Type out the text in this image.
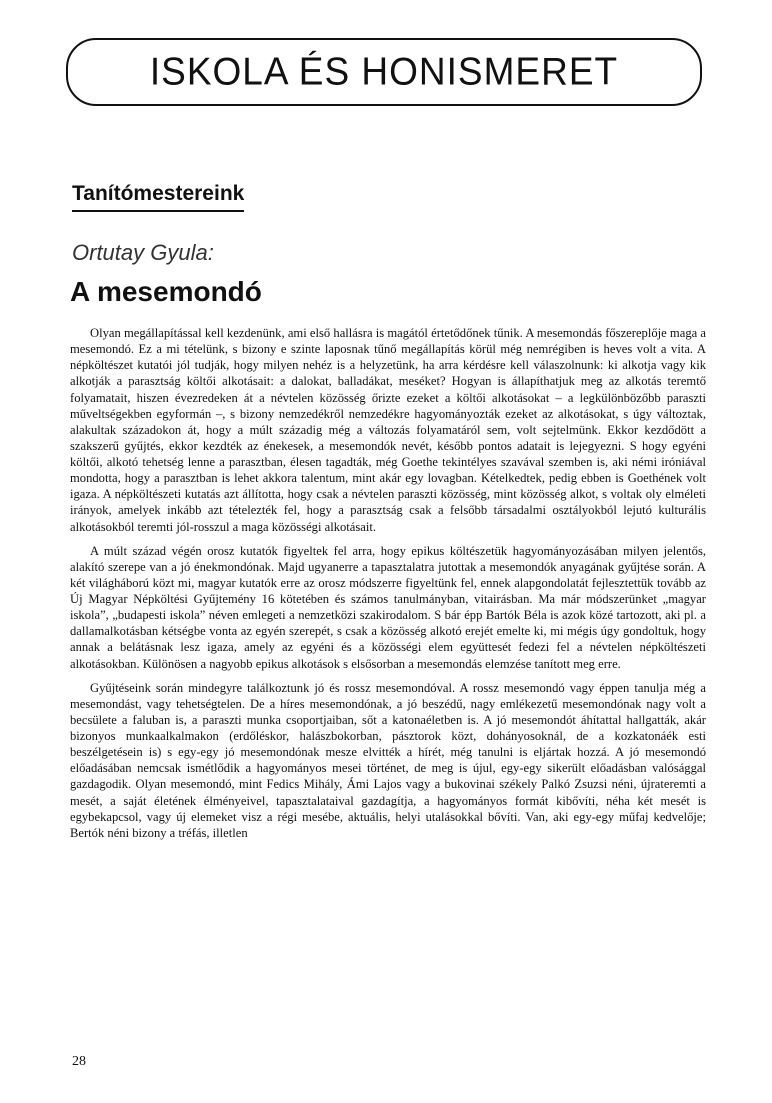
ISKOLA ÉS HONISMERET
Tanítómestereink
Ortutay Gyula:
A mesemondó

Olyan megállapítással kell kezdenünk, ami első hallásra is magától értetődőnek tűnik. A mesemondás főszereplője maga a mesemondó. Ez a mi tételünk, s bizony e szinte laposnak tűnő megállapítás körül még nemrégiben is heves volt a vita. A népköltészet kutatói jól tudják, hogy milyen nehéz is a helyzetünk, ha arra kérdésre kell válaszolnunk: ki alkotja vagy kik alkotják a parasztság költői alkotásait: a dalokat, balladákat, meséket? Hogyan is állapíthatjuk meg az alkotás teremtő folyamatait, hiszen évezredeken át a névtelen közösség őrizte ezeket a költői alkotásokat – a legkülönbözőbb paraszti műveltségekben egyformán –, s bizony nemzedékről nemzedékre hagyományozták ezeket az alkotásokat, s úgy változtak, alakultak századokon át, hogy a múlt századig még a változás folyamatáról sem, volt sejtelmünk. Ekkor kezdődött a szakszerű gyűjtés, ekkor kezdték az énekesek, a mesemondók nevét, később pontos adatait is lejegyezni. S hogy egyéni költői, alkotó tehetség lenne a parasztban, élesen tagadták, még Goethe tekintélyes szavával szemben is, aki némi iróniával mondotta, hogy a parasztban is lehet akkora talentum, mint akár egy lovagban. Kételkedtek, pedig ebben is Goethének volt igaza. A népköltészeti kutatás azt állította, hogy csak a névtelen paraszti közösség, mint közösség alkot, s voltak oly elméleti irányok, amelyek inkább azt tételezték fel, hogy a parasztság csak a felsőbb társadalmi osztályokból lejutó kulturális alkotásokból teremti jól-rosszul a maga közösségi alkotásait.

A múlt század végén orosz kutatók figyeltek fel arra, hogy epikus költészetük hagyományozásában milyen jelentős, alakító szerepe van a jó énekmondónak. Majd ugyanerre a tapasztalatra jutottak a mesemondók anyagának gyűjtése során. A két világháború közt mi, magyar kutatók erre az orosz módszerre figyeltünk fel, ennek alapgondolatát fejlesztettük tovább az Új Magyar Népköltési Gyűjtemény 16 kötetében és számos tanulmányban, vitairásban. Ma már módszerünket „magyar iskola”, „budapesti iskola” néven emlegeti a nemzetközi szakirodalom. S bár épp Bartók Béla is azok közé tartozott, aki pl. a dallamalkotásban kétségbe vonta az egyén szerepét, s csak a közösség alkotó erejét emelte ki, mi mégis úgy gondoltuk, hogy annak a belátásnak lesz igaza, amely az egyéni és a közösségi elem együttesét fedezi fel a névtelen népköltészeti alkotásokban. Különösen a nagyobb epikus alkotások s elsősorban a mesemondás elemzése tanított meg erre.

Gyűjtéseink során mindegyre találkoztunk jó és rossz mesemondóval. A rossz mesemondó vagy éppen tanulja még a mesemondást, vagy tehetségtelen. De a híres mesemondónak, a jó beszédű, nagy emlékezetű mesemondónak nagy volt a becsülete a faluban is, a paraszti munka csoportjaiban, sőt a katonaéletben is. A jó mesemondót áhítattal hallgatták, akár bizonyos munkaalkalmakon (erdőléskor, halászbokorban, pásztorok közt, dohányosoknál, de a kozkatonáék esti beszélgetésein is) s egy-egy jó mesemondónak mesze elvitték a hírét, még tanulni is eljártak hozzá. A jó mesemondó előadásában nemcsak ismétlődik a hagyományos mesei történet, de meg is újul, egy-egy sikerült előadásban valósággal gazdagodik. Olyan mesemondó, mint Fedics Mihály, Ámi Lajos vagy a bukovinai székely Palkó Zsuzsi néni, újrateremti a mesét, a saját életének élményeivel, tapasztalataival gazdagítja, a hagyományos formát kibővíti, néha két mesét is egybekapcsol, vagy új elemeket visz a régi mesébe, aktuális, helyi utalásokkal bővíti. Van, aki egy-egy műfaj kedvelője; Bertók néni bizony a tréfás, illetlen

28
